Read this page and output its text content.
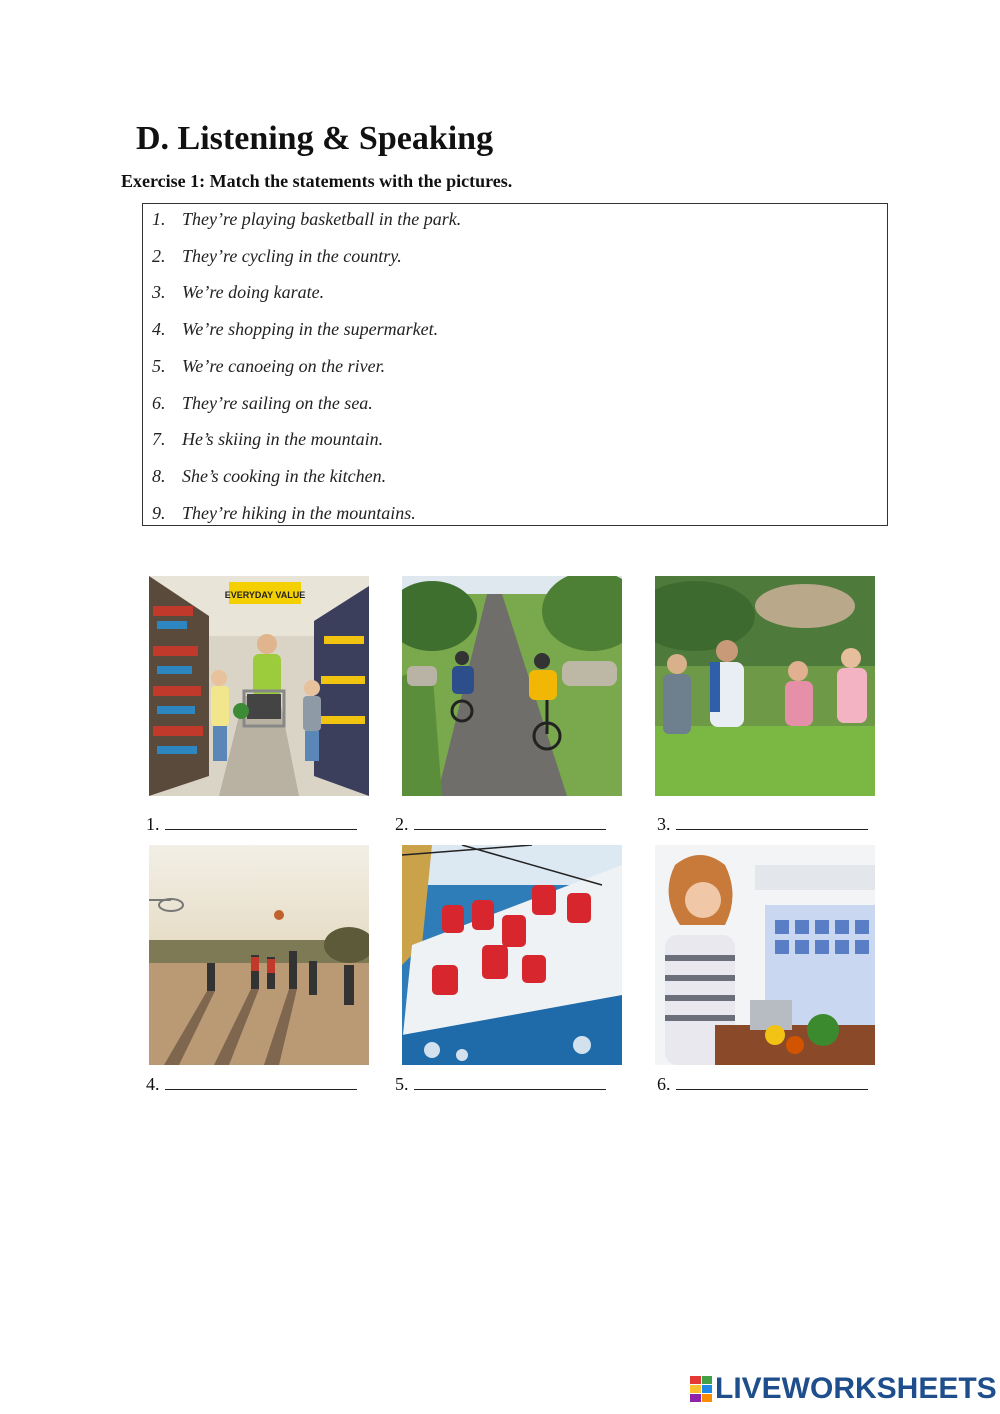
D. Listening & Speaking
Exercise 1: Match the statements with the pictures.
1. They’re playing basketball in the park.
2. They’re cycling in the country.
3. We’re doing karate.
4. We’re shopping in the supermarket.
5. We’re canoeing on the river.
6. They’re sailing on the sea.
7. He’s skiing in the mountain.
8. She’s cooking in the kitchen.
9. They’re hiking in the mountains.
EVERYDAY VALUE
1.	2.	3.
4.	5.	6.
LIVEWORKSHEETS
